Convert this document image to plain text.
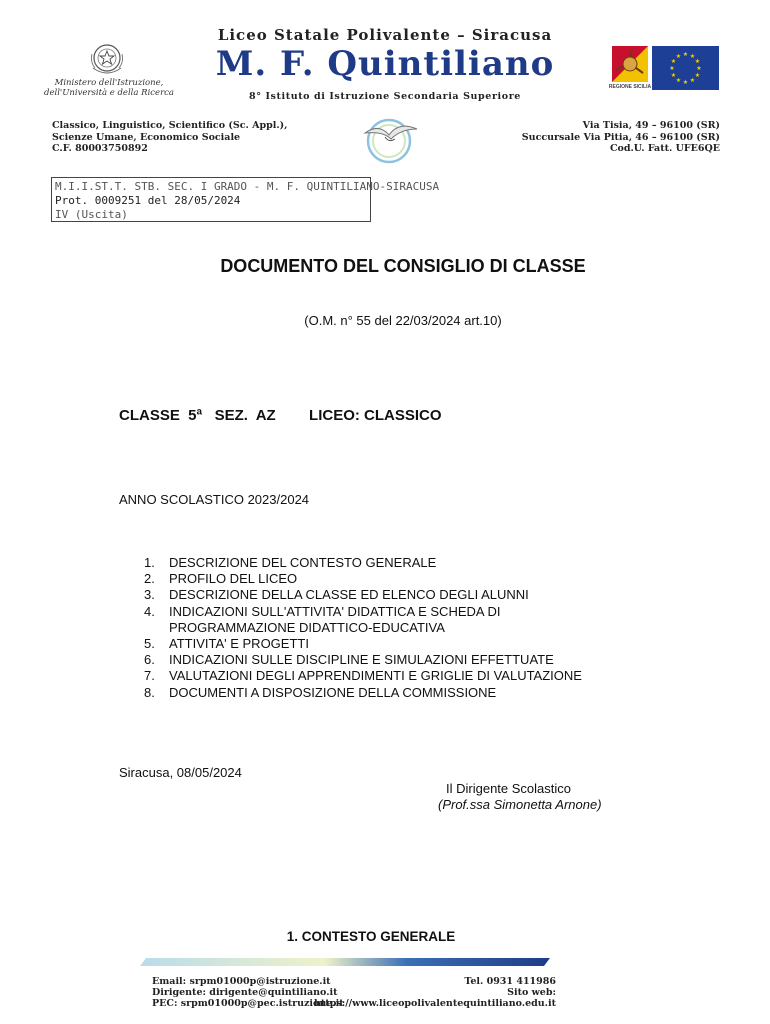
Liceo Statale Polivalente – Siracusa
M. F. Quintiliano
8° Istituto di Istruzione Secondaria Superiore
Ministero dell'Istruzione,
dell'Università e della Ricerca
REGIONE SICILIA
★ ★
★
★
★
★
★
★
★
★
★
★
Classico, Linguistico, Scientifico (Sc. Appl.),
Scienze Umane, Economico Sociale
C.F. 80003750892
Via Tisia, 49 – 96100 (SR)
Succursale Via Pitia, 46 – 96100 (SR)
Cod.U. Fatt. UFE6QE
M.I.I.ST.T. STB. SEC. I GRADO - M. F. QUINTILIANO-SIRACUSA
Prot. 0009251 del 28/05/2024
IV (Uscita)
DOCUMENTO DEL CONSIGLIO DI CLASSE
(O.M. n° 55 del 22/03/2024 art.10)
CLASSE  5ª   SEZ.  AZ        LICEO: CLASSICO
ANNO SCOLASTICO 2023/2024
1. DESCRIZIONE DEL CONTESTO GENERALE
2. PROFILO DEL LICEO
3. DESCRIZIONE DELLA CLASSE ED ELENCO DEGLI ALUNNI
4. INDICAZIONI SULL'ATTIVITA' DIDATTICA E SCHEDA DI PROGRAMMAZIONE DIDATTICO-EDUCATIVA
5. ATTIVITA' E PROGETTI
6. INDICAZIONI SULLE DISCIPLINE E SIMULAZIONI EFFETTUATE
7. VALUTAZIONI DEGLI APPRENDIMENTI E GRIGLIE DI VALUTAZIONE
8. DOCUMENTI A DISPOSIZIONE DELLA COMMISSIONE
Siracusa, 08/05/2024
Il Dirigente Scolastico
(Prof.ssa Simonetta Arnone)
1. CONTESTO GENERALE
Email: srpm01000p@istruzione.it
Dirigente: dirigente@quintiliano.it
PEC: srpm01000p@pec.istruzione.it
Tel. 0931 411986
Sito web:
https://www.liceopolivalentequintiliano.edu.it
